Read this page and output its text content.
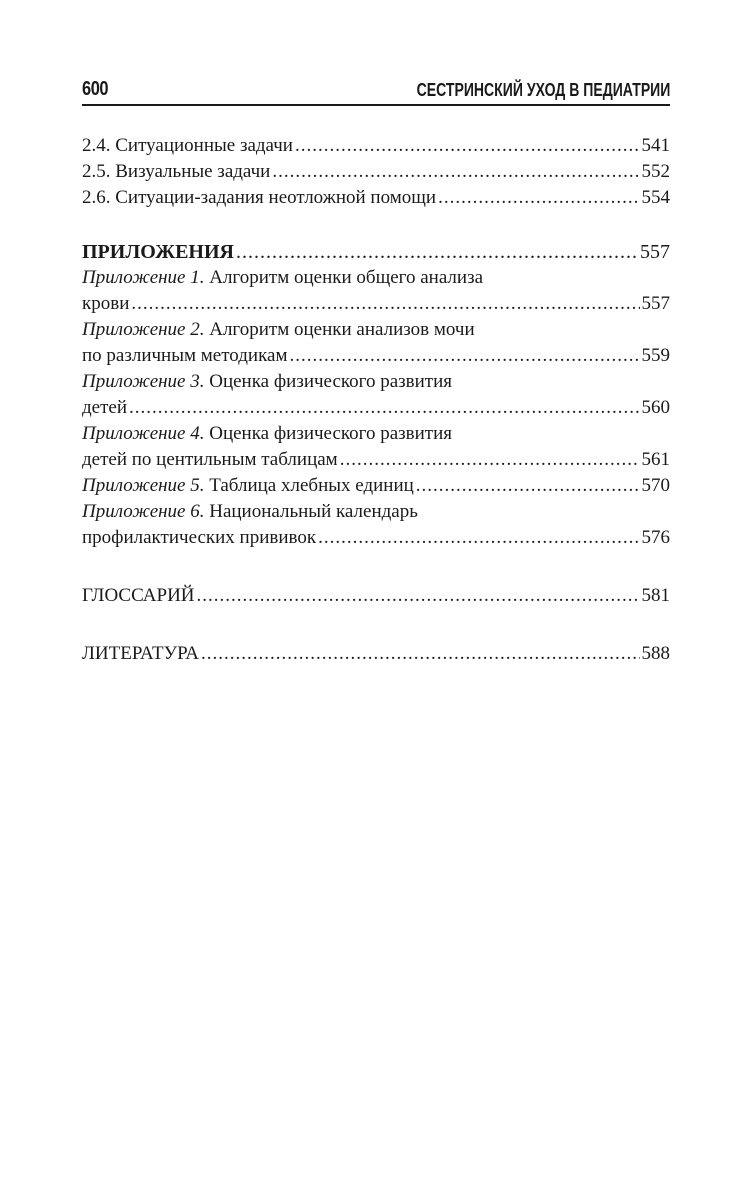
600	СЕСТРИНСКИЙ УХОД В ПЕДИАТРИИ
2.4. Ситуационные задачи .....	541
2.5. Визуальные задачи .....	552
2.6. Ситуации-задания неотложной помощи .....	554
ПРИЛОЖЕНИЯ .....	557
Приложение 1. Алгоритм оценки общего анализа
крови .....	557
Приложение 2. Алгоритм оценки анализов мочи
по различным методикам .....	559
Приложение 3. Оценка физического развития
детей .....	560
Приложение 4. Оценка физического развития
детей по центильным таблицам .....	561
Приложение 5. Таблица хлебных единиц .....	570
Приложение 6. Национальный календарь
профилактических прививок .....	576
ГЛОССАРИЙ .....	581
ЛИТЕРАТУРА .....	588
